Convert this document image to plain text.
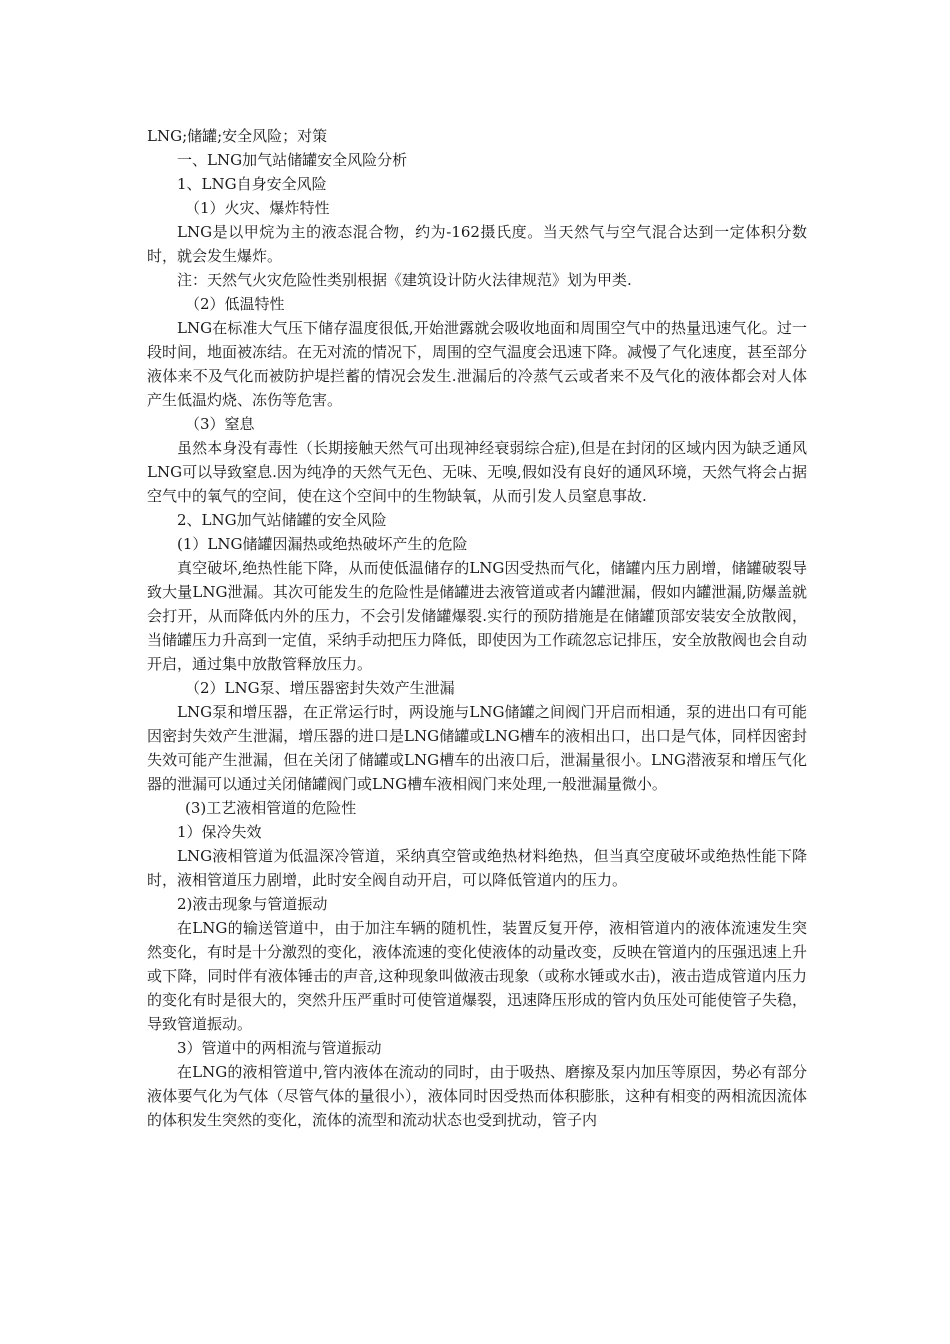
LNG;储罐;安全风险；对策

一、LNG加气站储罐安全风险分析

1、LNG自身安全风险

（1）火灾、爆炸特性

LNG是以甲烷为主的液态混合物，约为-162摄氏度。当天然气与空气混合达到一定体积分数时，就会发生爆炸。

注：天然气火灾危险性类别根据《建筑设计防火法律规范》划为甲类.

（2）低温特性

LNG在标准大气压下储存温度很低,开始泄露就会吸收地面和周围空气中的热量迅速气化。过一段时间，地面被冻结。在无对流的情况下，周围的空气温度会迅速下降。减慢了气化速度，甚至部分液体来不及气化而被防护堤拦蓄的情况会发生.泄漏后的冷蒸气云或者来不及气化的液体都会对人体产生低温灼烧、冻伤等危害。

（3）窒息

虽然本身没有毒性（长期接触天然气可出现神经衰弱综合症),但是在封闭的区域内因为缺乏通风LNG可以导致窒息.因为纯净的天然气无色、无味、无嗅,假如没有良好的通风环境，天然气将会占据空气中的氧气的空间，使在这个空间中的生物缺氧，从而引发人员窒息事故.

2、LNG加气站储罐的安全风险

(1）LNG储罐因漏热或绝热破坏产生的危险

真空破坏,绝热性能下降，从而使低温储存的LNG因受热而气化，储罐内压力剧增，储罐破裂导致大量LNG泄漏。其次可能发生的危险性是储罐进去液管道或者内罐泄漏，假如内罐泄漏,防爆盖就会打开，从而降低内外的压力，不会引发储罐爆裂.实行的预防措施是在储罐顶部安装安全放散阀，当储罐压力升高到一定值，采纳手动把压力降低，即使因为工作疏忽忘记排压，安全放散阀也会自动开启，通过集中放散管释放压力。

（2）LNG泵、增压器密封失效产生泄漏

LNG泵和增压器，在正常运行时，两设施与LNG储罐之间阀门开启而相通，泵的进出口有可能因密封失效产生泄漏，增压器的进口是LNG储罐或LNG槽车的液相出口，出口是气体，同样因密封失效可能产生泄漏，但在关闭了储罐或LNG槽车的出液口后，泄漏量很小。LNG潜液泵和增压气化器的泄漏可以通过关闭储罐阀门或LNG槽车液相阀门来处理,一般泄漏量微小。

(3)工艺液相管道的危险性

1）保冷失效

LNG液相管道为低温深冷管道，采纳真空管或绝热材料绝热，但当真空度破坏或绝热性能下降时，液相管道压力剧增，此时安全阀自动开启，可以降低管道内的压力。

2)液击现象与管道振动

在LNG的输送管道中，由于加注车辆的随机性，装置反复开停，液相管道内的液体流速发生突然变化，有时是十分激烈的变化，液体流速的变化使液体的动量改变，反映在管道内的压强迅速上升或下降，同时伴有液体锤击的声音,这种现象叫做液击现象（或称水锤或水击)，液击造成管道内压力的变化有时是很大的，突然升压严重时可使管道爆裂，迅速降压形成的管内负压处可能使管子失稳，导致管道振动。

3）管道中的两相流与管道振动

在LNG的液相管道中,管内液体在流动的同时，由于吸热、磨擦及泵内加压等原因，势必有部分液体要气化为气体（尽管气体的量很小），液体同时因受热而体积膨胀，这种有相变的两相流因流体的体积发生突然的变化，流体的流型和流动状态也受到扰动，管子内
